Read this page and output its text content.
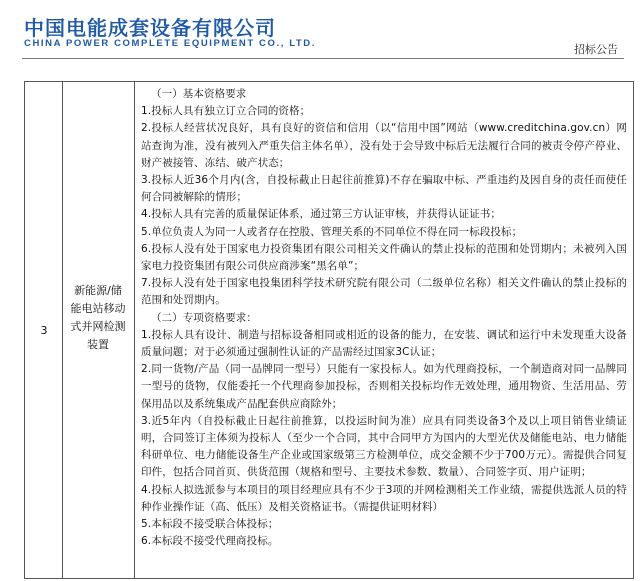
中国电能成套设备有限公司
CHINA POWER COMPLETE EQUIPMENT CO., LTD.	招标公告
3
新能源/储能电站移动式并网检测装置
（一）基本资格要求
1.投标人具有独立订立合同的资格；
2.投标人经营状况良好，具有良好的资信和信用（以“信用中国”网站（www.creditchina.gov.cn）网站查询为准，没有被列入严重失信主体名单），没有处于会导致中标后无法履行合同的被责令停产停业、财产被接管、冻结、破产状态；
3.投标人近36个月内(含，自投标截止日起往前推算)不存在骗取中标、严重违约及因自身的责任而使任何合同被解除的情形；
4.投标人具有完善的质量保证体系，通过第三方认证审核，并获得认证证书；
5.单位负责人为同一人或者存在控股、管理关系的不同单位不得在同一标段投标；
6.投标人没有处于国家电力投资集团有限公司相关文件确认的禁止投标的范围和处罚期内；未被列入国家电力投资集团有限公司供应商涉案“黑名单”；
7.投标人没有处于国家电投集团科学技术研究院有限公司（二级单位名称）相关文件确认的禁止投标的范围和处罚期内。
（二）专项资格要求：
1.投标人具有设计、制造与招标设备相同或相近的设备的能力，在安装、调试和运行中未发现重大设备质量问题；对于必须通过强制性认证的产品需经过国家3C认证；
2.同一货物/产品（同一品牌同一型号）只能有一家投标人。如为代理商投标，一个制造商对同一品牌同一型号的货物，仅能委托一个代理商参加投标，否则相关投标均作无效处理，通用物资、生活用品、劳保用品以及系统集成产品配套供应商除外；
3.近5年内（自投标截止日起往前推算，以投运时间为准）应具有同类设备3个及以上项目销售业绩证明，合同签订主体须为投标人（至少一个合同，其中合同甲方为国内的大型光伏及储能电站、电力储能科研单位、电力储能设备生产企业或国家级第三方检测单位，成交金额不少于700万元）。需提供合同复印件，包括合同首页、供货范围（规格和型号、主要技术参数、数量）、合同签字页、用户证明；
4.投标人拟选派参与本项目的项目经理应具有不少于3项的并网检测相关工作业绩，需提供选派人员的特种作业操作证（高、低压）及相关资格证书。（需提供证明材料）
5.本标段不接受联合体投标；
6.本标段不接受代理商投标。
